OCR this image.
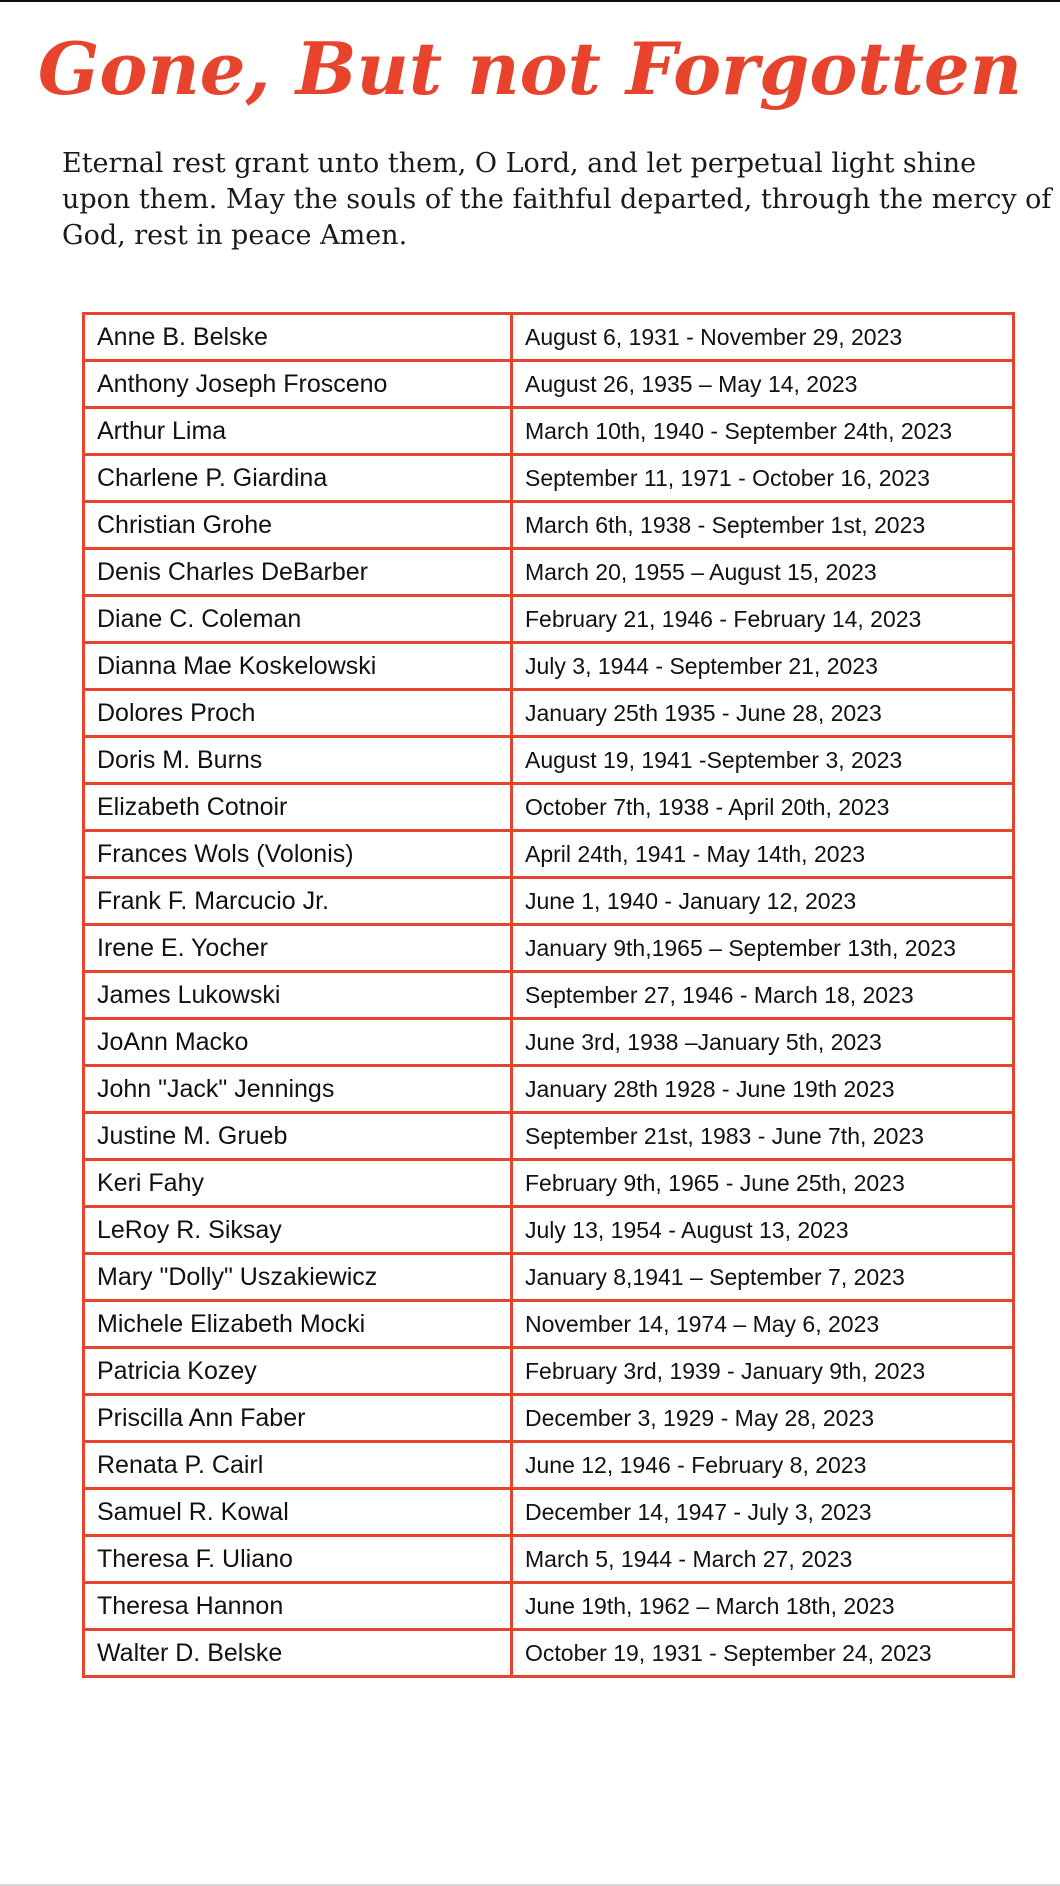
Gone, But not Forgotten

Eternal rest grant unto them, O Lord, and let perpetual light shine upon them. May the souls of the faithful departed, through the mercy of God, rest in peace Amen.

Anne B. Belske	August 6, 1931 - November 29, 2023
Anthony Joseph Frosceno	August 26, 1935 – May 14, 2023
Arthur Lima	March 10th, 1940 - September 24th, 2023
Charlene P. Giardina	September 11, 1971 - October 16, 2023
Christian Grohe	March 6th, 1938 - September 1st, 2023
Denis Charles DeBarber	March 20, 1955 – August 15, 2023
Diane C. Coleman	February 21, 1946 - February 14, 2023
Dianna Mae Koskelowski	July 3, 1944 - September 21, 2023
Dolores Proch	January 25th 1935 - June 28, 2023
Doris M. Burns	August 19, 1941 -September 3, 2023
Elizabeth Cotnoir	October 7th, 1938 - April 20th, 2023
Frances Wols (Volonis)	April 24th, 1941 - May 14th, 2023
Frank F. Marcucio Jr.	June 1, 1940 - January 12, 2023
Irene E. Yocher	January 9th,1965 – September 13th, 2023
James Lukowski	September 27, 1946 - March 18, 2023
JoAnn Macko	June 3rd, 1938 –January 5th, 2023
John "Jack" Jennings	January 28th 1928 - June 19th 2023
Justine M. Grueb	September 21st, 1983 - June 7th, 2023
Keri Fahy	February 9th, 1965 - June 25th, 2023
LeRoy R. Siksay	July 13, 1954 - August 13, 2023
Mary "Dolly" Uszakiewicz	January 8,1941 – September 7, 2023
Michele Elizabeth Mocki	November 14, 1974 – May 6, 2023
Patricia Kozey	February 3rd, 1939 - January 9th, 2023
Priscilla Ann Faber	December 3, 1929 - May 28, 2023
Renata P. Cairl	June 12, 1946 - February 8, 2023
Samuel R. Kowal	December 14, 1947 - July 3, 2023
Theresa F. Uliano	March 5, 1944 - March 27, 2023
Theresa Hannon	June 19th, 1962 – March 18th, 2023
Walter D. Belske	October 19, 1931 - September 24, 2023
